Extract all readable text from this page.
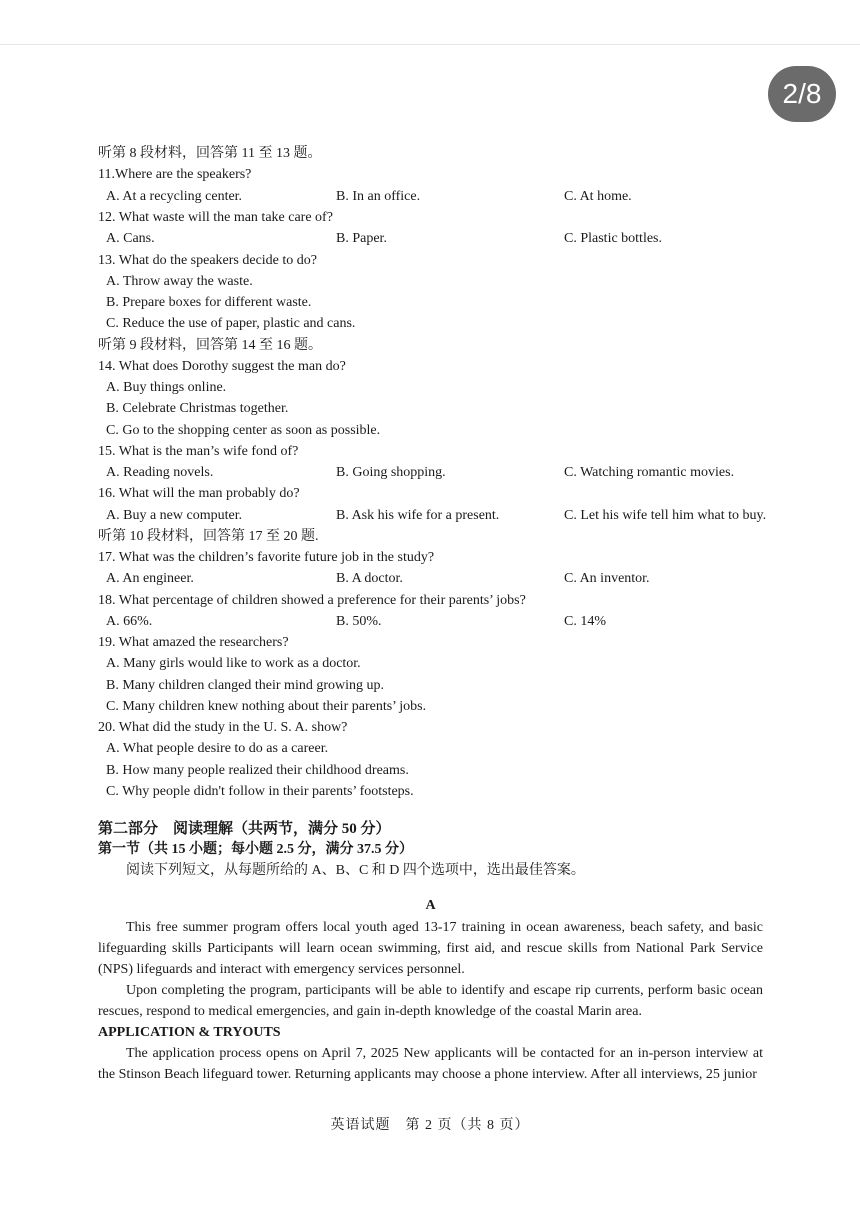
2/8
听第 8 段材料，回答第 11 至 13 题。
11.Where are the speakers?
A. At a recycling center.	B. In an office.	C. At home.
12. What waste will the man take care of?
A. Cans.	B. Paper.	C. Plastic bottles.
13. What do the speakers decide to do?
A. Throw away the waste.
B. Prepare boxes for different waste.
C. Reduce the use of paper, plastic and cans.
听第 9 段材料，回答第 14 至 16 题。
14. What does Dorothy suggest the man do?
A. Buy things online.
B. Celebrate Christmas together.
C. Go to the shopping center as soon as possible.
15. What is the man’s wife fond of?
A. Reading novels.	B. Going shopping.	C. Watching romantic movies.
16. What will the man probably do?
A. Buy a new computer.	B. Ask his wife for a present.	C. Let his wife tell him what to buy.
听第 10 段材料，回答第 17 至 20 题.
17. What was the children’s favorite future job in the study?
A. An engineer.	B. A doctor.	C. An inventor.
18. What percentage of children showed a preference for their parents’ jobs?
A. 66%.	B. 50%.	C. 14%
19. What amazed the researchers?
A. Many girls would like to work as a doctor.
B. Many children clanged their mind growing up.
C. Many children knew nothing about their parents’ jobs.
20. What did the study in the U. S. A. show?
A. What people desire to do as a career.
B. How many people realized their childhood dreams.
C. Why people didn't follow in their parents’ footsteps.
第二部分　阅读理解（共两节，满分 50 分）
第一节（共 15 小题；每小题 2.5 分，满分 37.5 分）
阅读下列短文，从每题所给的 A、B、C 和 D 四个选项中，选出最佳答案。
A
This free summer program offers local youth aged 13-17 training in ocean awareness, beach safety, and basic lifeguarding skills Participants will learn ocean swimming, first aid, and rescue skills from National Park Service (NPS) lifeguards and interact with emergency services personnel.
Upon completing the program, participants will be able to identify and escape rip currents, perform basic ocean rescues, respond to medical emergencies, and gain in-depth knowledge of the coastal Marin area.
APPLICATION & TRYOUTS
The application process opens on April 7, 2025 New applicants will be contacted for an in-person interview at the Stinson Beach lifeguard tower. Returning applicants may choose a phone interview. After all interviews, 25 junior
英语试题　第 2 页（共 8 页）
